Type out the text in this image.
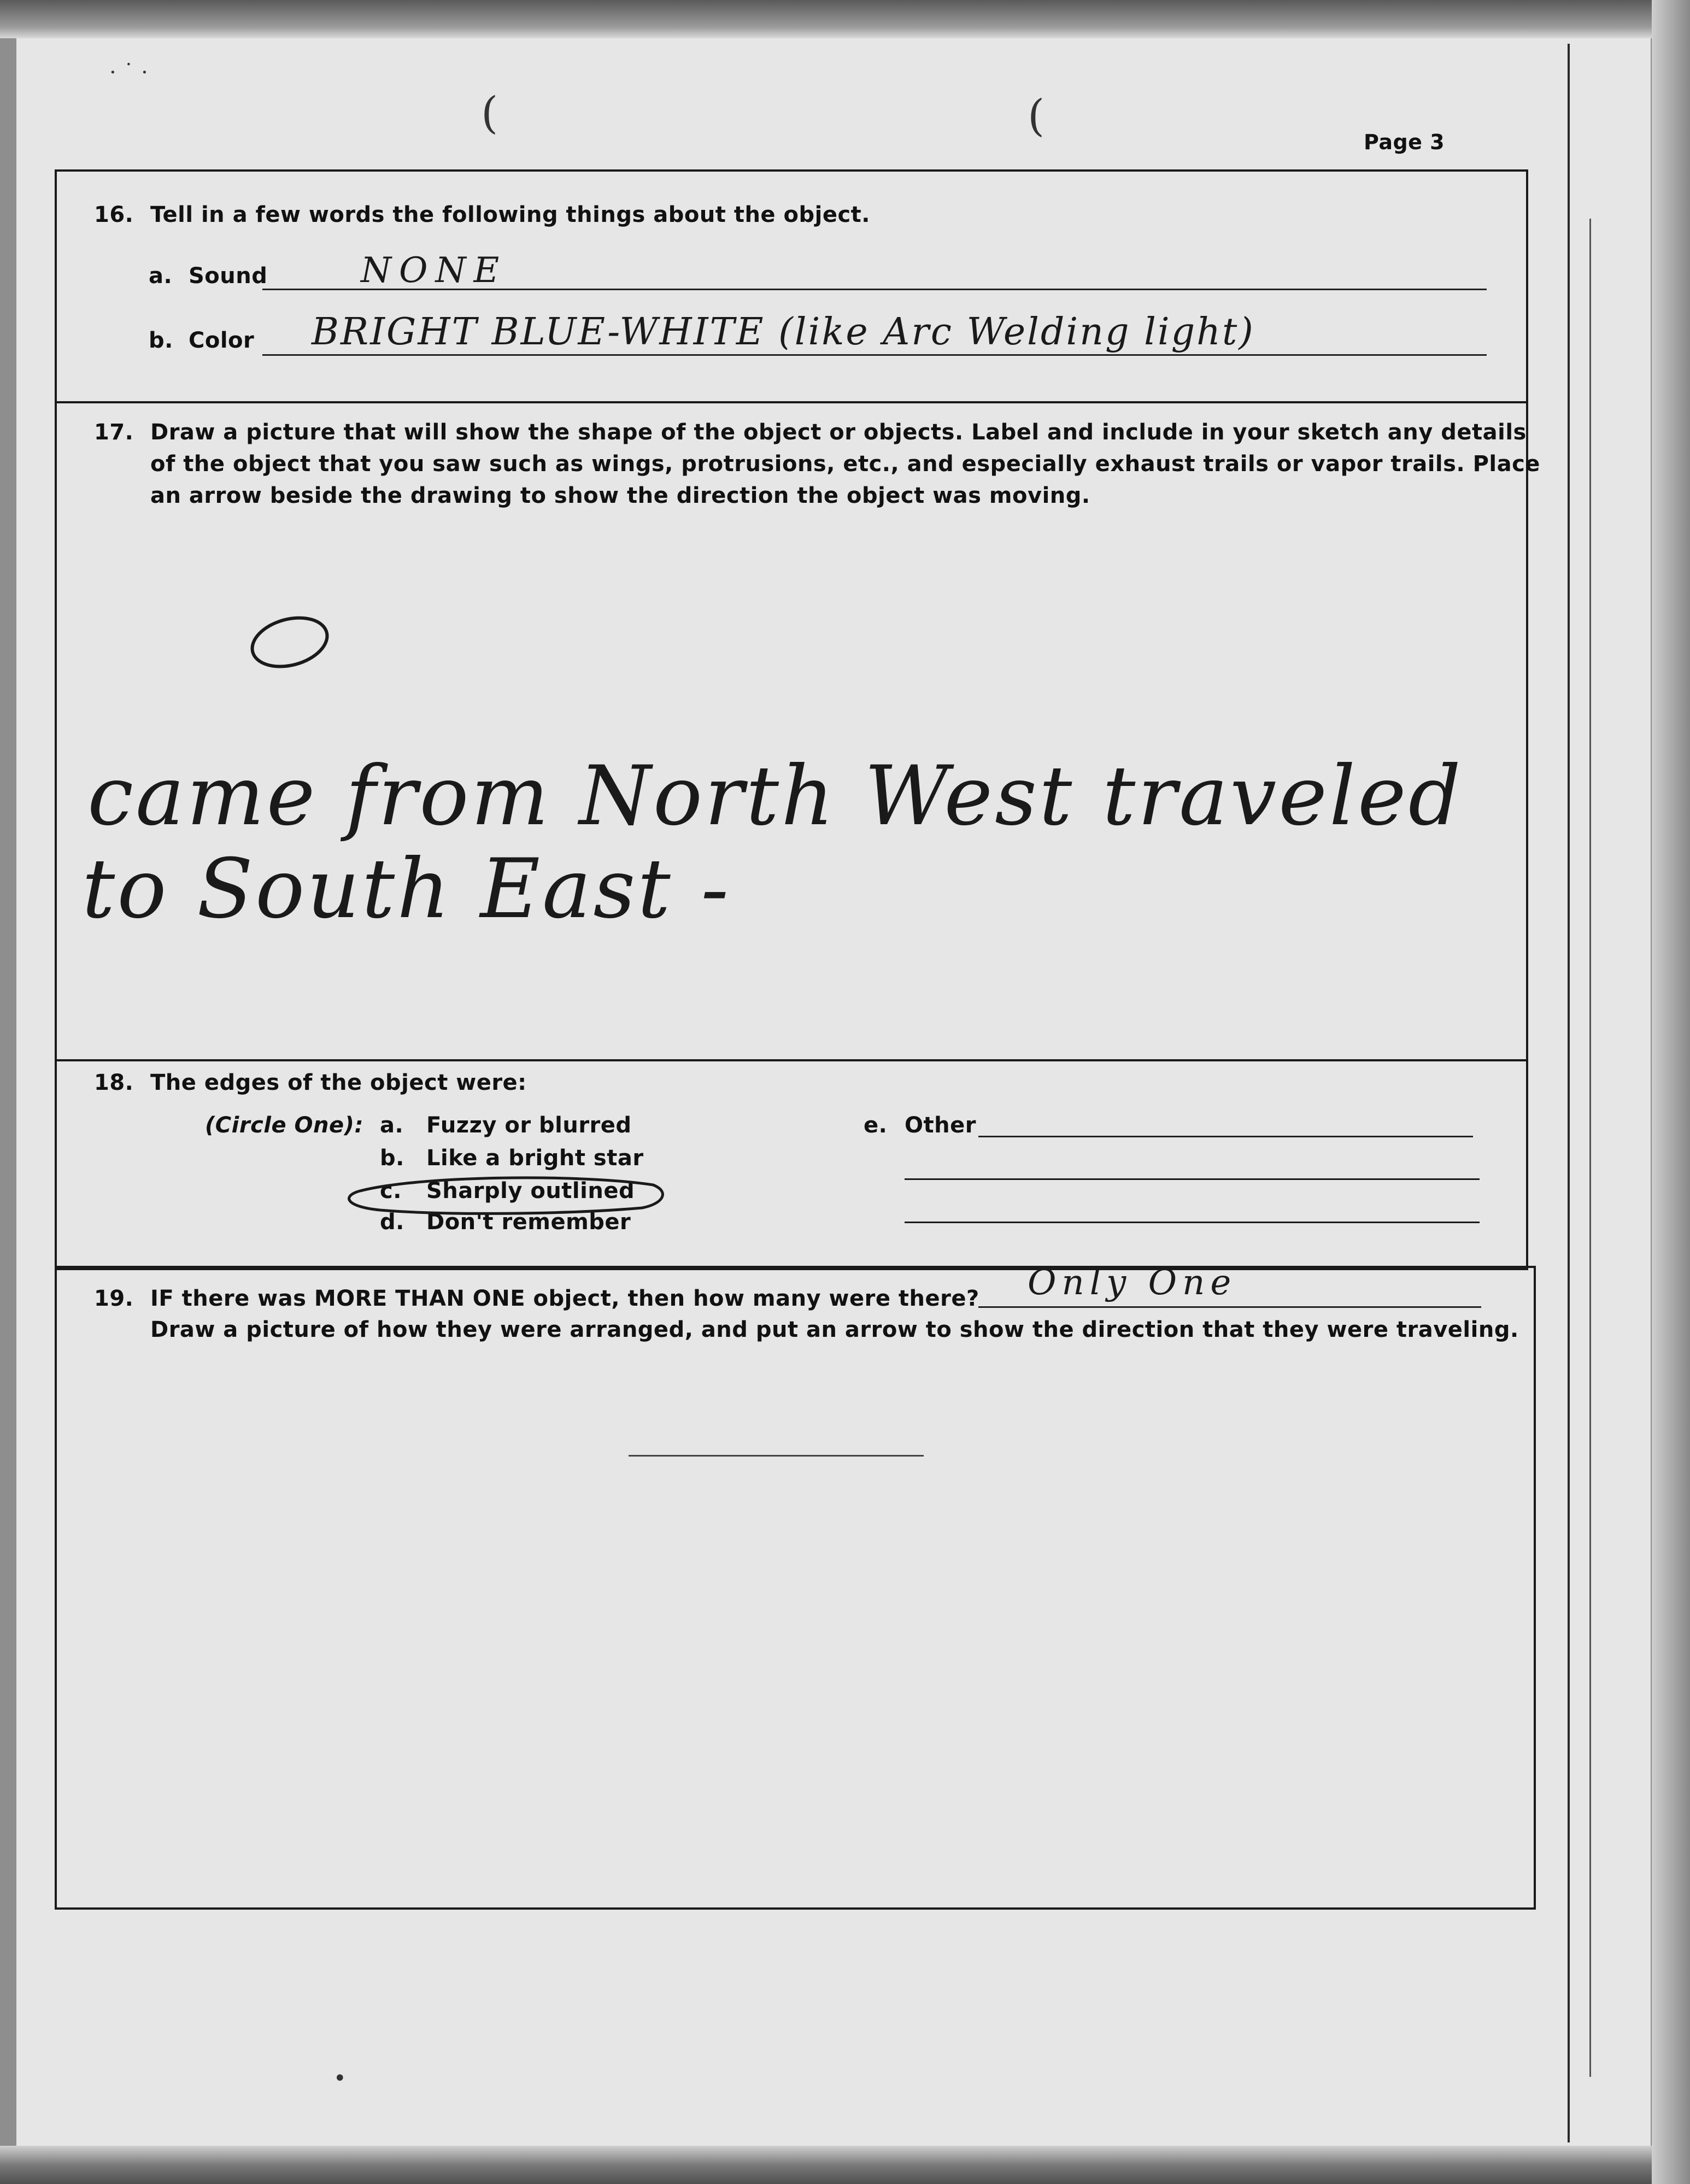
(	(
· ˙ ·
Page 3
16. Tell in a few words the following things about the object.
a. Sound	NONE
b. Color BRIGHT BLUE-WHITE (like Arc Welding light)
17. Draw a picture that will show the shape of the object or objects. Label and include in your sketch any details
of the object that you saw such as wings, protrusions, etc., and especially exhaust trails or vapor trails. Place
an arrow beside the drawing to show the direction the object was moving.
came from North West traveled
to South East -
18. The edges of the object were:
(Circle One): a. Fuzzy or blurred
b. Like a bright star
c. Sharply outlined
d. Don't remember
e. Other
19. IF there was MORE THAN ONE object, then how many were there? Only One
Draw a picture of how they were arranged, and put an arrow to show the direction that they were traveling.
•
